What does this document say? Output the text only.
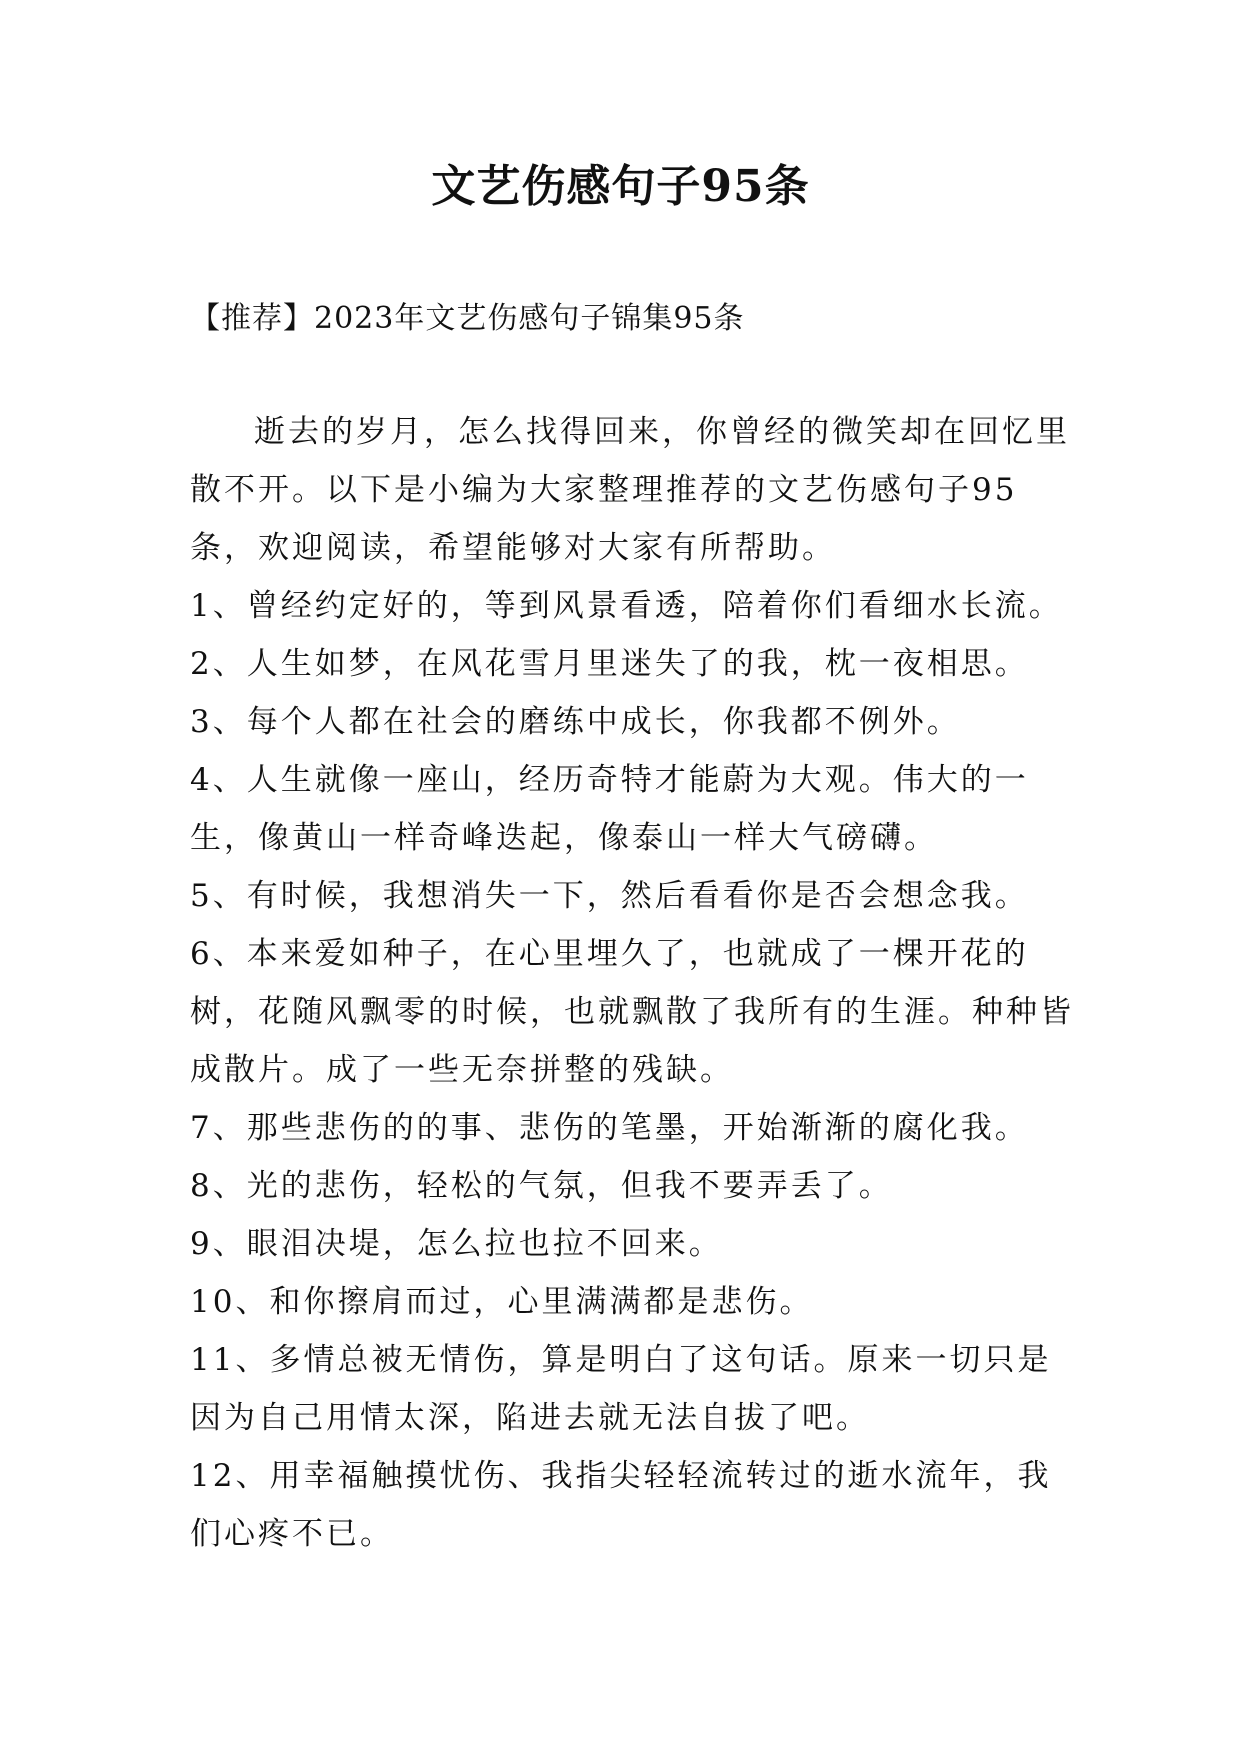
文艺伤感句子95条

【推荐】2023年文艺伤感句子锦集95条

逝去的岁月，怎么找得回来，你曾经的微笑却在回忆里散不开。以下是小编为大家整理推荐的文艺伤感句子95条，欢迎阅读，希望能够对大家有所帮助。

1、曾经约定好的，等到风景看透，陪着你们看细水长流。

2、人生如梦，在风花雪月里迷失了的我，枕一夜相思。

3、每个人都在社会的磨练中成长，你我都不例外。

4、人生就像一座山，经历奇特才能蔚为大观。伟大的一生，像黄山一样奇峰迭起，像泰山一样大气磅礴。

5、有时候，我想消失一下，然后看看你是否会想念我。

6、本来爱如种子，在心里埋久了，也就成了一棵开花的树，花随风飘零的时候，也就飘散了我所有的生涯。种种皆成散片。成了一些无奈拼整的残缺。

7、那些悲伤的的事、悲伤的笔墨，开始渐渐的腐化我。

8、光的悲伤，轻松的气氛，但我不要弄丢了。

9、眼泪决堤，怎么拉也拉不回来。

10、和你擦肩而过，心里满满都是悲伤。

11、多情总被无情伤，算是明白了这句话。原来一切只是因为自己用情太深，陷进去就无法自拔了吧。

12、用幸福触摸忧伤、我指尖轻轻流转过的逝水流年，我们心疼不已。
